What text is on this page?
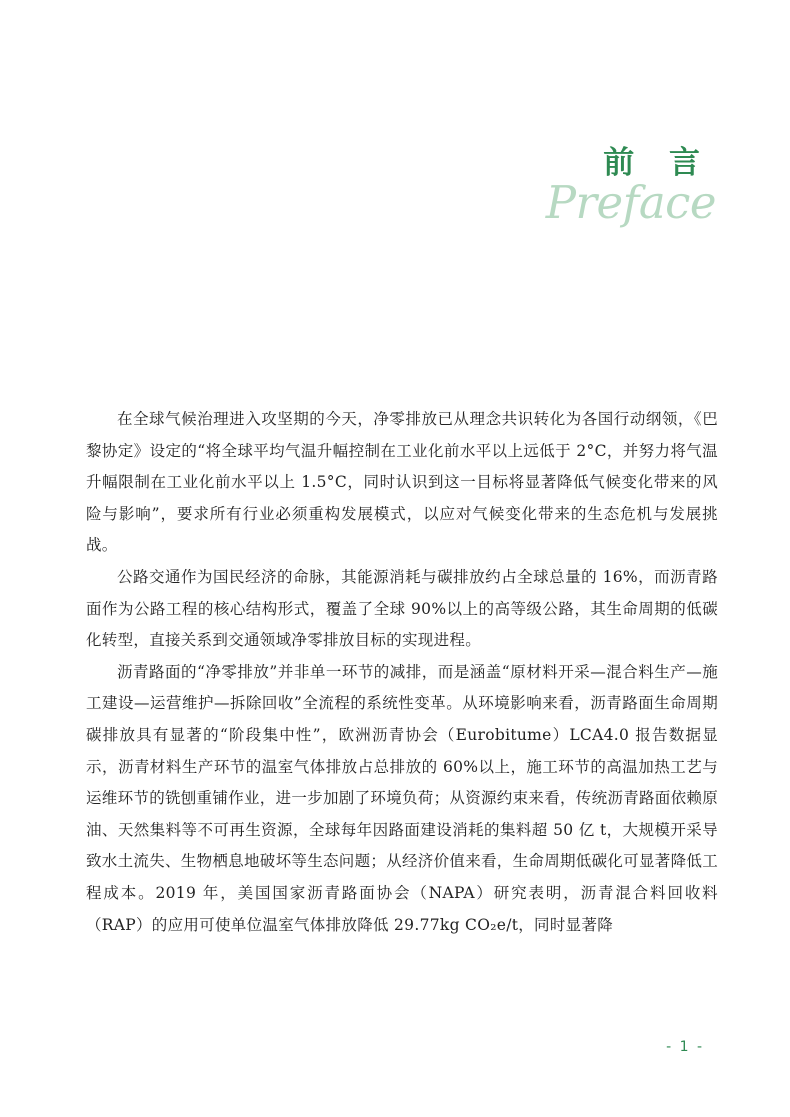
前 言
Preface

在全球气候治理进入攻坚期的今天，净零排放已从理念共识转化为各国行动纲领，《巴黎协定》设定的“将全球平均气温升幅控制在工业化前水平以上远低于 2°C，并努力将气温升幅限制在工业化前水平以上 1.5°C，同时认识到这一目标将显著降低气候变化带来的风险与影响”，要求所有行业必须重构发展模式，以应对气候变化带来的生态危机与发展挑战。

公路交通作为国民经济的命脉，其能源消耗与碳排放约占全球总量的 16%，而沥青路面作为公路工程的核心结构形式，覆盖了全球 90%以上的高等级公路，其生命周期的低碳化转型，直接关系到交通领域净零排放目标的实现进程。

沥青路面的“净零排放”并非单一环节的减排，而是涵盖“原材料开采—混合料生产—施工建设—运营维护—拆除回收”全流程的系统性变革。从环境影响来看，沥青路面生命周期碳排放具有显著的“阶段集中性”，欧洲沥青协会（Eurobitume）LCA4.0 报告数据显示，沥青材料生产环节的温室气体排放占总排放的 60%以上，施工环节的高温加热工艺与运维环节的铣刨重铺作业，进一步加剧了环境负荷；从资源约束来看，传统沥青路面依赖原油、天然集料等不可再生资源，全球每年因路面建设消耗的集料超 50 亿 t，大规模开采导致水土流失、生物栖息地破坏等生态问题；从经济价值来看，生命周期低碳化可显著降低工程成本。2019 年，美国国家沥青路面协会（NAPA）研究表明，沥青混合料回收料（RAP）的应用可使单位温室气体排放降低 29.77kg CO₂e/t，同时显著降

- 1 -
